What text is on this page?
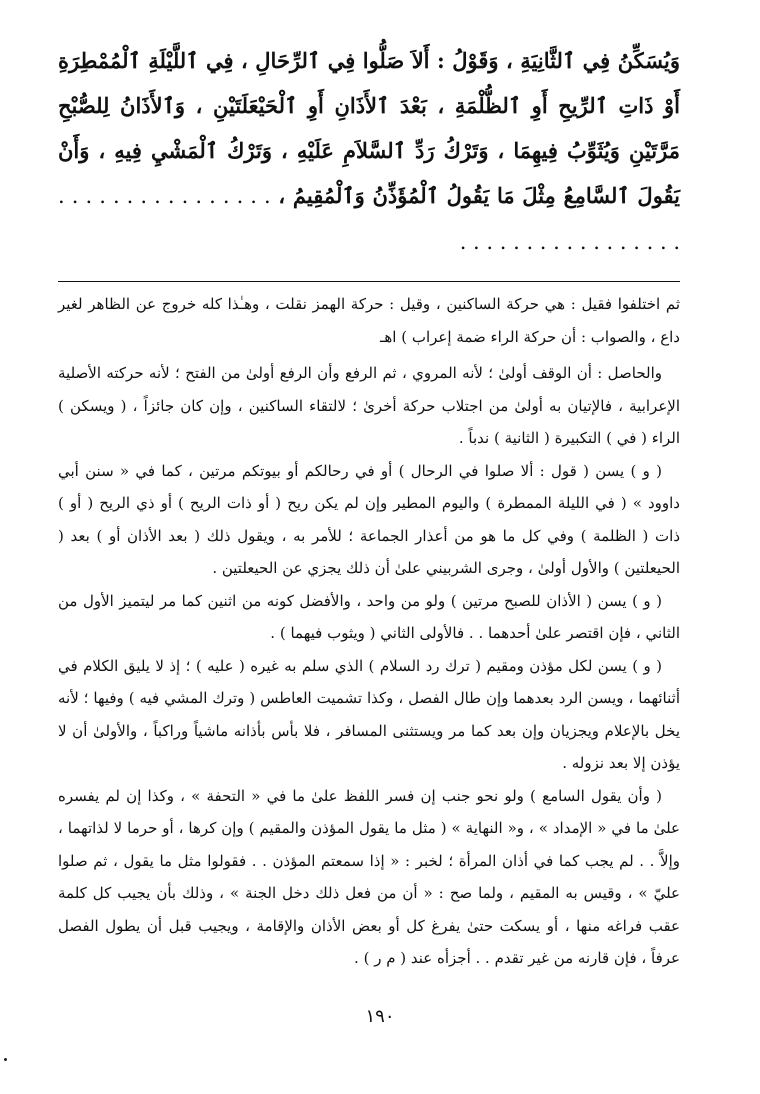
وَيُسَكِّنُ فِي ٱلثَّانِيَةِ ، وَقَوْلُ : أَلاَ صَلُّوا فِي ٱلرِّحَالِ ، فِي ٱللَّيْلَةِ ٱلْمُمْطِرَةِ أَوْ ذَاتِ ٱلرِّيحِ أَوِ ٱلظُّلْمَةِ ، بَعْدَ ٱلأَذَانِ أَوِ ٱلْحَيْعَلَتَيْنِ ، وَٱلأَذَانُ لِلصُّبْحِ مَرَّتَيْنِ وَيُثَوِّبُ فِيهِمَا ، وَتَرْكُ رَدِّ ٱلسَّلاَمِ عَلَيْهِ ، وَتَرْكُ ٱلْمَشْيِ فِيهِ ، وَأَنْ يَقُولَ ٱلسَّامِعُ مِثْلَ مَا يَقُولُ ٱلْمُؤَذِّنُ وَٱلْمُقِيمُ ، . . . . . . . . . . . . . . . . . . . . . . . . . . . . . . . . .

ثم اختلفوا فقيل : هي حركة الساكنين ، وقيل : حركة الهمز نقلت ، وهـٰذا كله خروج عن الظاهر لغير داع ، والصواب : أن حركة الراء ضمة إعراب ) اهـ

والحاصل : أن الوقف أولىٰ ؛ لأنه المروي ، ثم الرفع وأن الرفع أولىٰ من الفتح ؛ لأنه حركته الأصلية الإعرابية ، فالإتيان به أولىٰ من اجتلاب حركة أخرىٰ ؛ لالتقاء الساكنين ، وإن كان جائزاً ، ( ويسكن ) الراء ( في ) التكبيرة ( الثانية ) ندباً .

( و ) يسن ( قول : ألا صلوا في الرحال ) أو في رحالكم أو بيوتكم مرتين ، كما في « سنن أبي داوود » ( في الليلة الممطرة ) واليوم المطير وإن لم يكن ريح ( أو ذات الريح ) أو ذي الريح ( أو ) ذات ( الظلمة ) وفي كل ما هو من أعذار الجماعة ؛ للأمر به ، ويقول ذلك ( بعد الأذان أو ) بعد ( الحيعلتين ) والأول أولىٰ ، وجرى الشربيني علىٰ أن ذلك يجزي عن الحيعلتين .

( و ) يسن ( الأذان للصبح مرتين ) ولو من واحد ، والأفضل كونه من اثنين كما مر ليتميز الأول من الثاني ، فإن اقتصر علىٰ أحدهما . . فالأولى الثاني ( ويثوب فيهما ) .

( و ) يسن لكل مؤذن ومقيم ( ترك رد السلام ) الذي سلم به غيره ( عليه ) ؛ إذ لا يليق الكلام في أثنائهما ، ويسن الرد بعدهما وإن طال الفصل ، وكذا تشميت العاطس ( وترك المشي فيه ) وفيها ؛ لأنه يخل بالإعلام ويجزيان وإن بعد كما مر ويستثنى المسافر ، فلا بأس بأذانه ماشياً وراكباً ، والأولىٰ أن لا يؤذن إلا بعد نزوله .

( وأن يقول السامع ) ولو نحو جنب إن فسر اللفظ علىٰ ما في « التحفة » ، وكذا إن لم يفسره علىٰ ما في « الإمداد » ، و« النهاية » ( مثل ما يقول المؤذن والمقيم ) وإن كرها ، أو حرما لا لذاتهما ، وإلاَّ . . لم يجب كما في أذان المرأة ؛ لخبر : « إذا سمعتم المؤذن . . فقولوا مثل ما يقول ، ثم صلوا عليّ » ، وقيس به المقيم ، ولما صح : « أن من فعل ذلك دخل الجنة » ، وذلك بأن يجيب كل كلمة عقب فراغه منها ، أو يسكت حتىٰ يفرغ كل أو بعض الأذان والإقامة ، ويجيب قبل أن يطول الفصل عرفاً ، فإن قارنه من غير تقدم . . أجزأه عند ( م ر ) .

١٩٠
